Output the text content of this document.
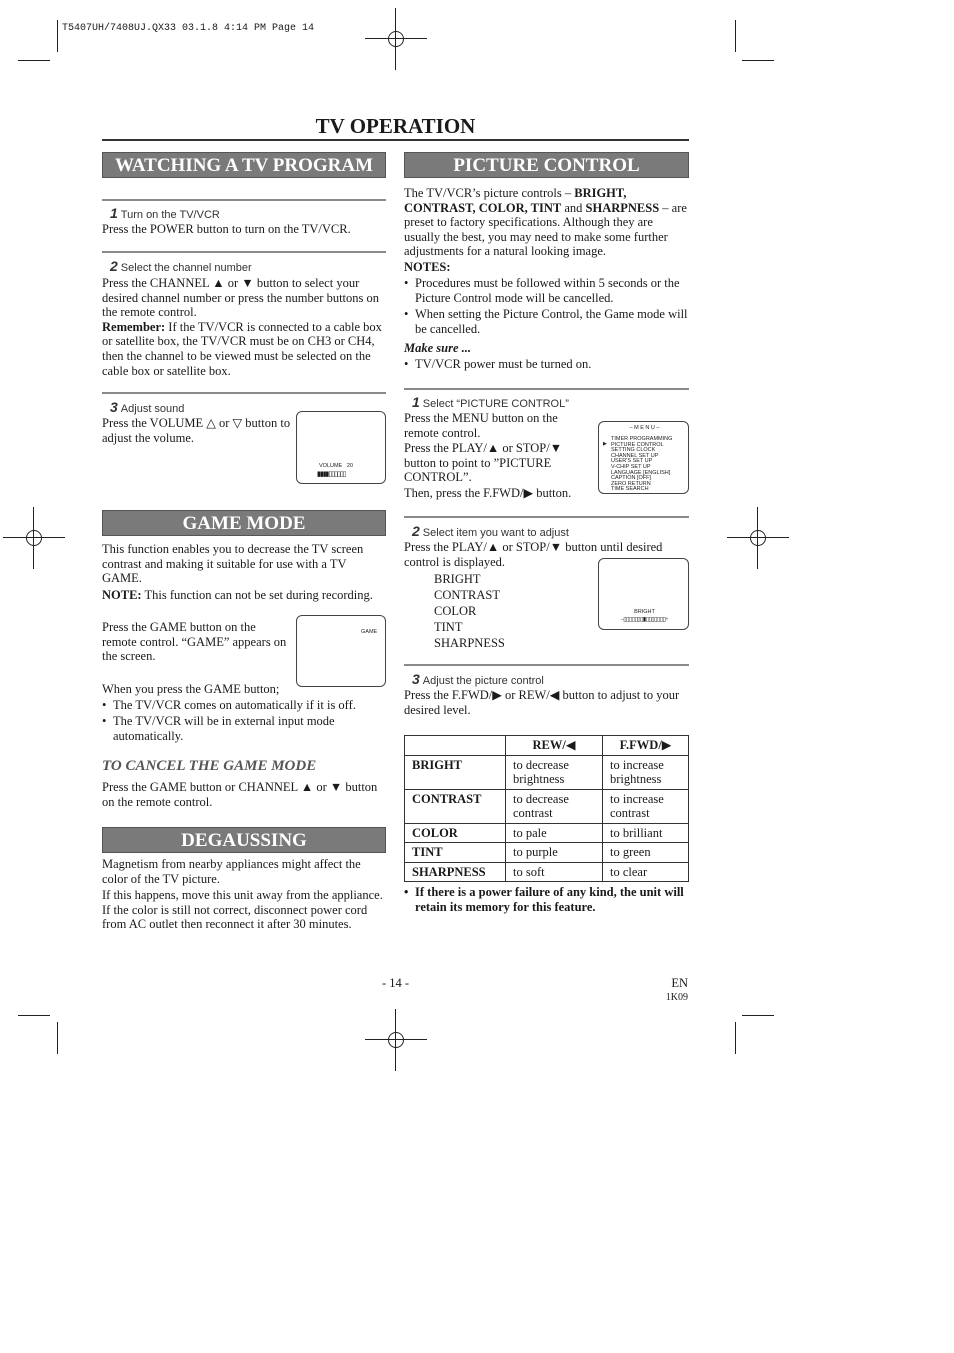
T5407UH/7408UJ.QX33 03.1.8 4:14 PM Page 14
TV OPERATION
WATCHING A TV PROGRAM
1 Turn on the TV/VCR
Press the POWER button to turn on the TV/VCR.
2 Select the channel number

Press the CHANNEL ▲ or ▼ button to select your desired channel number or press the number buttons on the remote control.

Remember: If the TV/VCR is connected to a cable box or satellite box, the TV/VCR must be on CH3 or CH4, then the channel to be viewed must be selected on the cable box or satellite box.

3 Adjust sound
Press the VOLUME △ or ▽ button to adjust the volume.
VOLUME 20
▮▮▮▮▯▯▯▯▯▯
GAME MODE

This function enables you to decrease the TV screen contrast and making it suitable for use with a TV GAME.

NOTE: This function can not be set during recording.

Press the GAME button on the remote control. “GAME” appears on the screen.
GAME
When you press the GAME button;
• The TV/VCR comes on automatically if it is off.
• The TV/VCR will be in external input mode automatically.
TO CANCEL THE GAME MODE
Press the GAME button or CHANNEL ▲ or ▼ button on the remote control.
DEGAUSSING

Magnetism from nearby appliances might affect the color of the TV picture.

If this happens, move this unit away from the appliance. If the color is still not correct, disconnect power cord from AC outlet then reconnect it after 30 minutes.

PICTURE CONTROL

The TV/VCR’s picture controls – BRIGHT, CONTRAST, COLOR, TINT and SHARPNESS – are preset to factory specifications. Although they are usually the best, you may need to make some further adjustments for a natural looking image.

NOTES:
• Procedures must be followed within 5 seconds or the Picture Control mode will be cancelled.
• When setting the Picture Control, the Game mode will be cancelled.
Make sure ...
• TV/VCR power must be turned on.
1 Select “PICTURE CONTROL”

Press the MENU button on the remote control.

Press the PLAY/▲ or STOP/▼ button to point to ”PICTURE CONTROL”.

Then, press the F.FWD/▶ button.

– M E N U –
▶
TIMER PROGRAMMING
PICTURE CONTROL
SETTING CLOCK
CHANNEL SET UP
USER'S SET UP
V-CHIP SET UP
LANGUAGE [ENGLISH]
CAPTION [OFF]
ZERO RETURN
TIME SEARCH
2 Select item you want to adjust
Press the PLAY/▲ or STOP/▼ button until desired control is displayed.
BRIGHT
CONTRAST
COLOR
TINT
SHARPNESS
BRIGHT
–▯▯▯▯▯▯▯▮▯▯▯▯▯▯▯+
3 Adjust the picture control
Press the F.FWD/▶ or REW/◀ button to adjust to your desired level.
	REW/◀	F.FWD/▶
BRIGHT	to decrease brightness	to increase brightness
CONTRAST	to decrease contrast	to increase contrast
COLOR	to pale	to brilliant
TINT	to purple	to green
SHARPNESS	to soft	to clear
• If there is a power failure of any kind, the unit will retain its memory for this feature.
- 14 -	EN
1K09
